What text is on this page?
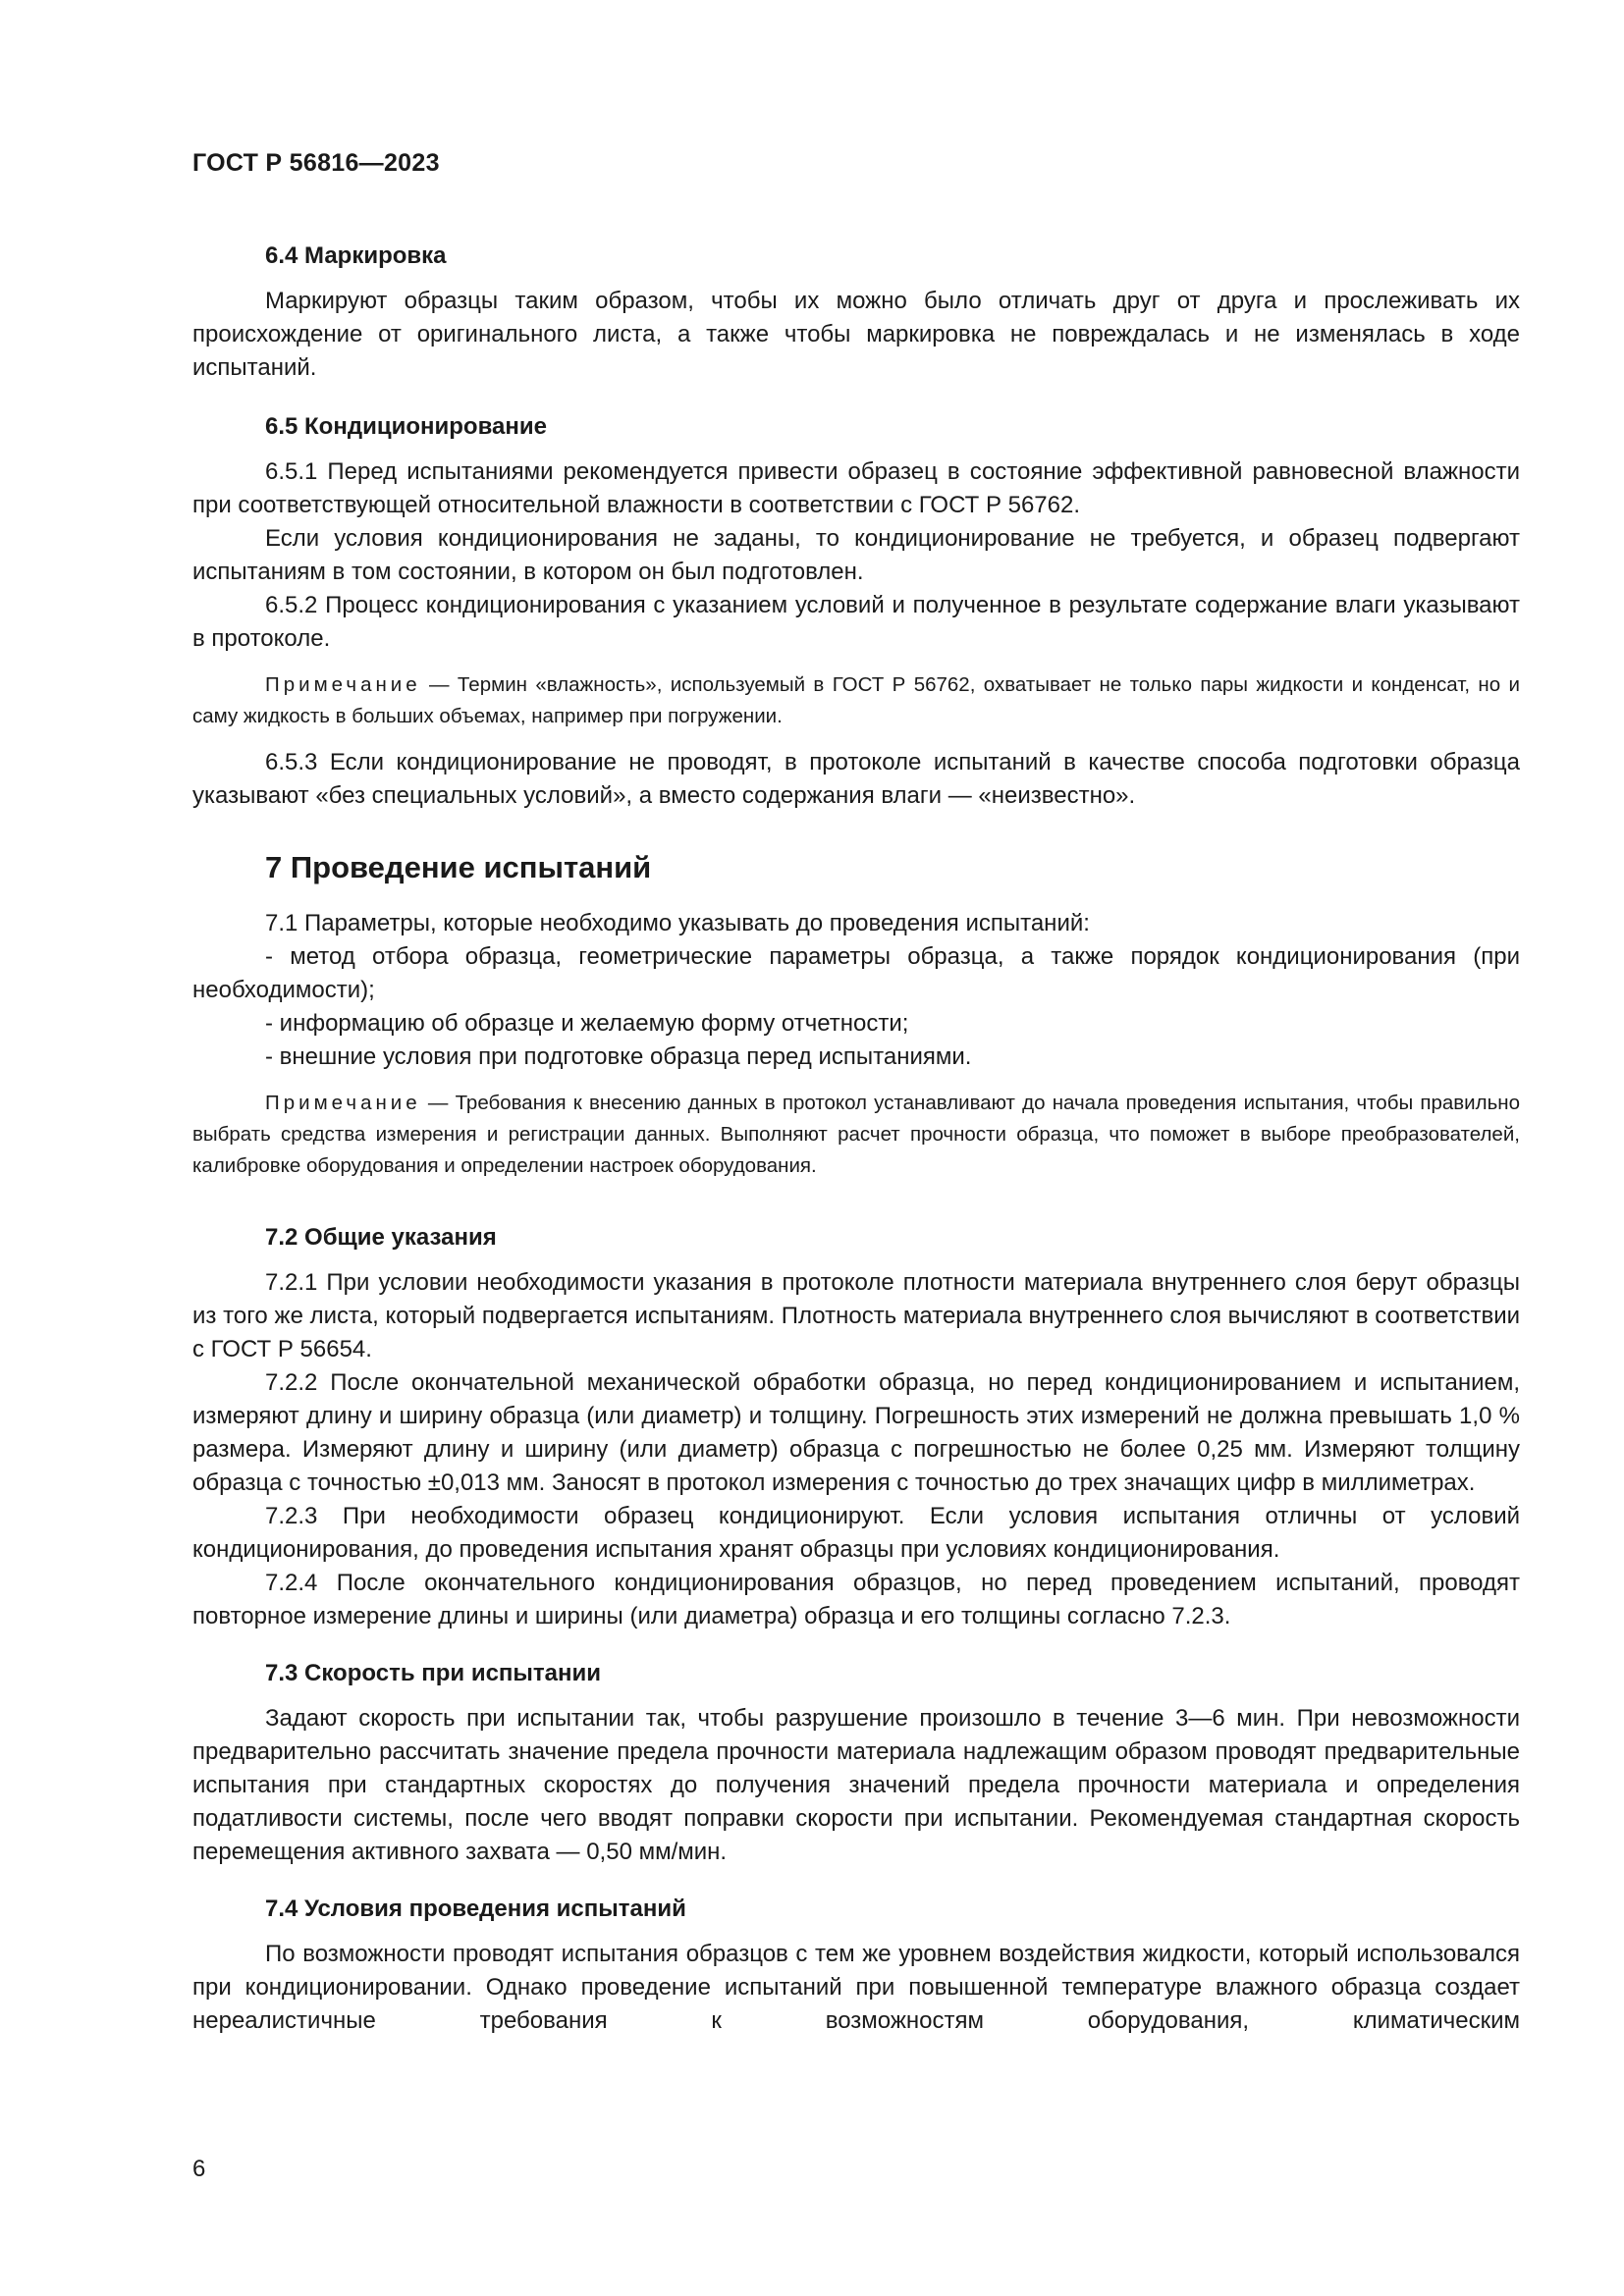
ГОСТ Р 56816—2023

6.4 Маркировка

Маркируют образцы таким образом, чтобы их можно было отличать друг от друга и прослеживать их происхождение от оригинального листа, а также чтобы маркировка не повреждалась и не изменялась в ходе испытаний.

6.5 Кондиционирование

6.5.1 Перед испытаниями рекомендуется привести образец в состояние эффективной равновесной влажности при соответствующей относительной влажности в соответствии с ГОСТ Р 56762.

Если условия кондиционирования не заданы, то кондиционирование не требуется, и образец подвергают испытаниям в том состоянии, в котором он был подготовлен.

6.5.2 Процесс кондиционирования с указанием условий и полученное в результате содержание влаги указывают в протоколе.

Примечание — Термин «влажность», используемый в ГОСТ Р 56762, охватывает не только пары жидкости и конденсат, но и саму жидкость в больших объемах, например при погружении.

6.5.3 Если кондиционирование не проводят, в протоколе испытаний в качестве способа подготовки образца указывают «без специальных условий», а вместо содержания влаги — «неизвестно».

7 Проведение испытаний

7.1 Параметры, которые необходимо указывать до проведения испытаний:

- метод отбора образца, геометрические параметры образца, а также порядок кондиционирования (при необходимости);

- информацию об образце и желаемую форму отчетности;

- внешние условия при подготовке образца перед испытаниями.

Примечание — Требования к внесению данных в протокол устанавливают до начала проведения испытания, чтобы правильно выбрать средства измерения и регистрации данных. Выполняют расчет прочности образца, что поможет в выборе преобразователей, калибровке оборудования и определении настроек оборудования.

7.2 Общие указания

7.2.1 При условии необходимости указания в протоколе плотности материала внутреннего слоя берут образцы из того же листа, который подвергается испытаниям. Плотность материала внутреннего слоя вычисляют в соответствии с ГОСТ Р 56654.

7.2.2 После окончательной механической обработки образца, но перед кондиционированием и испытанием, измеряют длину и ширину образца (или диаметр) и толщину. Погрешность этих измерений не должна превышать 1,0 % размера. Измеряют длину и ширину (или диаметр) образца с погрешностью не более 0,25 мм. Измеряют толщину образца с точностью ±0,013 мм. Заносят в протокол измерения с точностью до трех значащих цифр в миллиметрах.

7.2.3 При необходимости образец кондиционируют. Если условия испытания отличны от условий кондиционирования, до проведения испытания хранят образцы при условиях кондиционирования.

7.2.4 После окончательного кондиционирования образцов, но перед проведением испытаний, проводят повторное измерение длины и ширины (или диаметра) образца и его толщины согласно 7.2.3.

7.3 Скорость при испытании

Задают скорость при испытании так, чтобы разрушение произошло в течение 3—6 мин. При невозможности предварительно рассчитать значение предела прочности материала надлежащим образом проводят предварительные испытания при стандартных скоростях до получения значений предела прочности материала и определения податливости системы, после чего вводят поправки скорости при испытании. Рекомендуемая стандартная скорость перемещения активного захвата — 0,50 мм/мин.

7.4 Условия проведения испытаний

По возможности проводят испытания образцов с тем же уровнем воздействия жидкости, который использовался при кондиционировании. Однако проведение испытаний при повышенной температуре влажного образца создает нереалистичные требования к возможностям оборудования, климатическим

6
